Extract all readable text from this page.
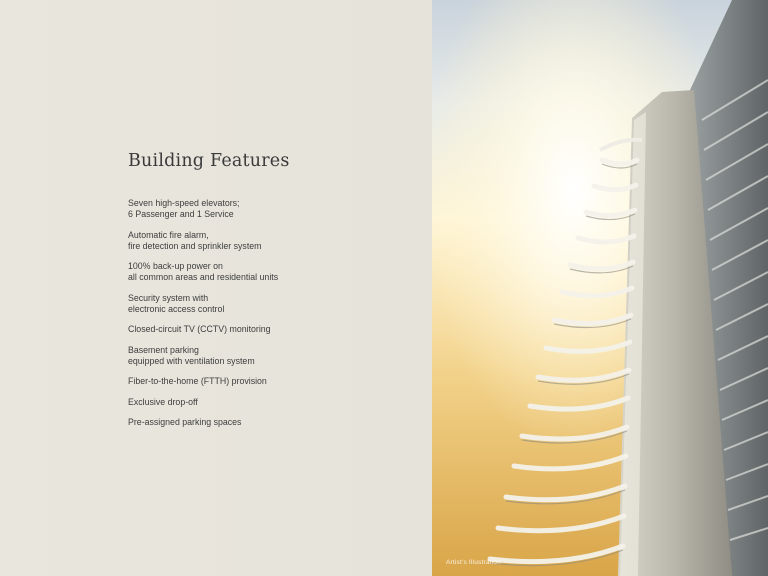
Building Features
Seven high-speed elevators;
6 Passenger and 1 Service
Automatic fire alarm,
fire detection and sprinkler system
100% back-up power on
all common areas and residential units
Security system with
electronic access control
Closed-circuit TV (CCTV) monitoring
Basement parking
equipped with ventilation system
Fiber-to-the-home (FTTH) provision
Exclusive drop-off
Pre-assigned parking spaces
Artist's Illustration
